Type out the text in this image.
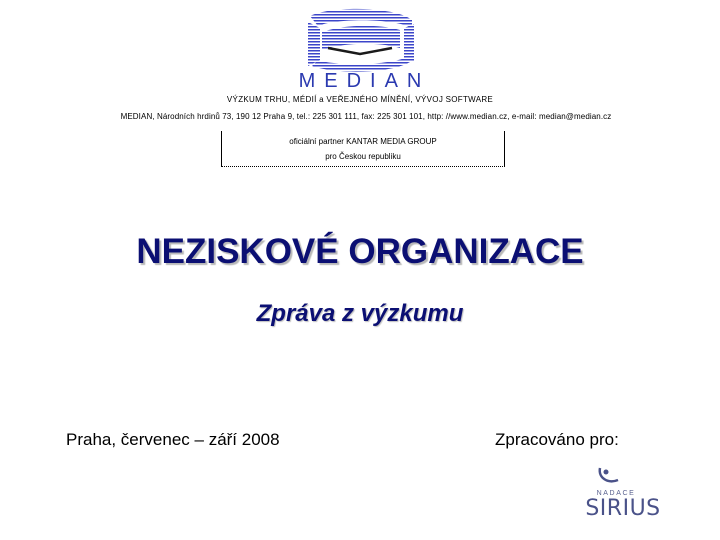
MEDIAN
VÝZKUM TRHU, MÉDIÍ a VEŘEJNÉHO MÍNĚNÍ, VÝVOJ SOFTWARE
MEDIAN, Národních hrdinů 73, 190 12 Praha 9, tel.: 225 301 111, fax: 225 301 101, http: //www.median.cz, e-mail: median@median.cz
oficiální partner KANTAR MEDIA GROUP
pro Českou republiku
NEZISKOVÉ ORGANIZACE
Zpráva z výzkumu
Praha, červenec – září 2008	Zpracováno pro:
NADACE
SIRIUS
